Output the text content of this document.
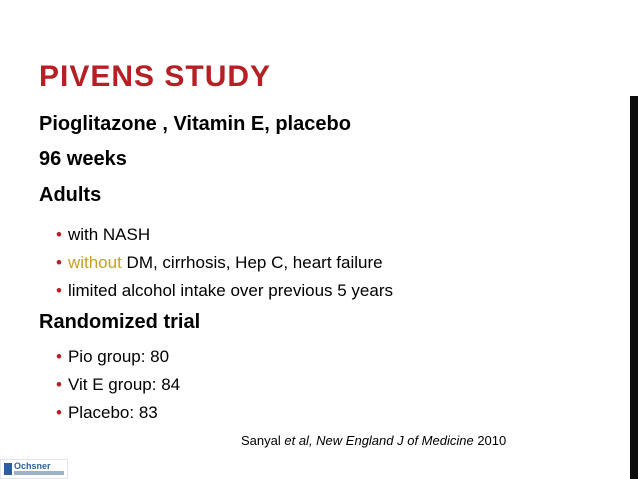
PIVENS STUDY
Pioglitazone , Vitamin E, placebo
96 weeks
Adults
• with NASH
• without DM, cirrhosis, Hep C, heart failure
• limited alcohol intake over previous 5 years
Randomized trial
• Pio group: 80
• Vit E group: 84
• Placebo: 83
Sanyal et al, New England J of Medicine 2010
Ochsner
